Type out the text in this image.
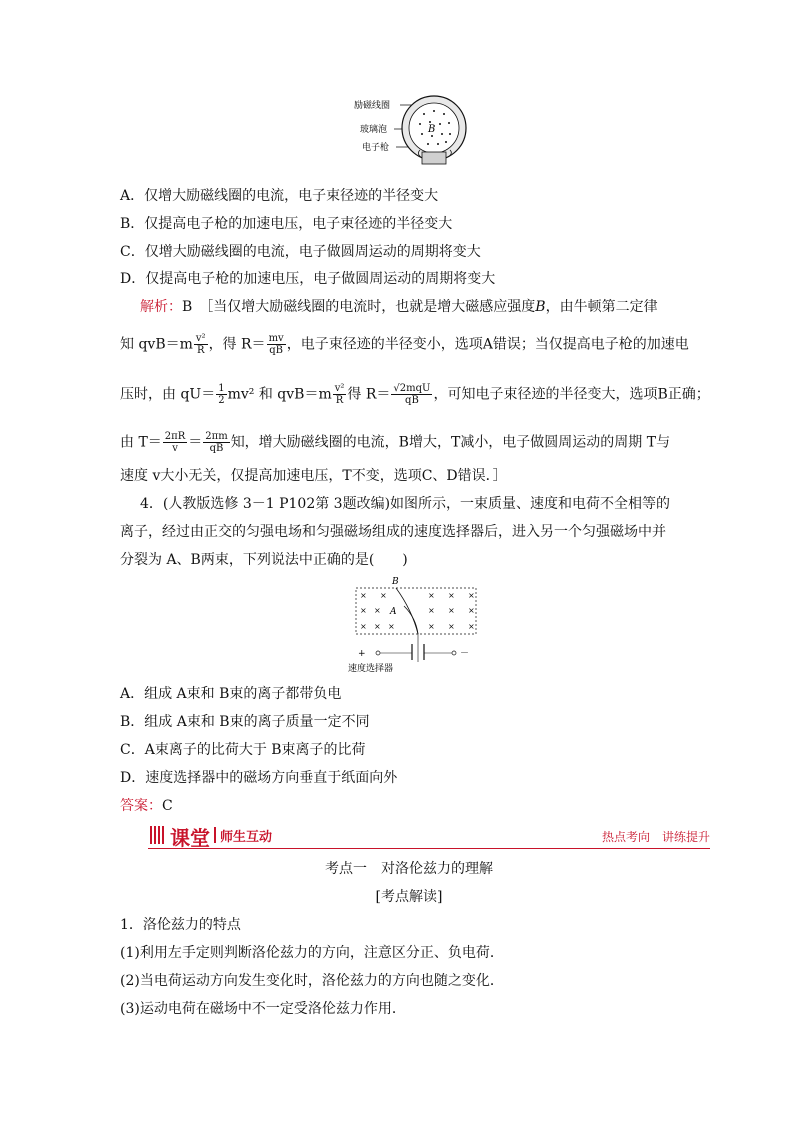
励磁线圈
玻璃泡
电子枪
B
A．仅增大励磁线圈的电流，电子束径迹的半径变大
B．仅提高电子枪的加速电压，电子束径迹的半径变大
C．仅增大励磁线圈的电流，电子做圆周运动的周期将变大
D．仅提高电子枪的加速电压，电子做圆周运动的周期将变大
解析：B　 ［当仅增大励磁线圈的电流时，也就是增大磁感应强度B，由牛顿第二定律
知 $qvB=m \frac{\text{v²}}{R}$ ，得 $R= \frac{mv}{qB}$ ，电子束径迹的半径变小，选项A错误；当仅提高电子枪的加速电
压时，由 $qU= \frac{1}{2} mv^2$ 和 $qvB=m \frac{\text{v²}}{R}$ 得 $R= \frac{\text{√2mqU}}{qB}$ ，可知电子束径迹的半径变大，选项B正确；
由 $T= \frac{2\pi R}{v} = \frac{2\pi m}{qB}$ 知，增大励磁线圈的电流，B增大，T减小，电子做圆周运动的周期 T与
速度 v大小无关，仅提高加速电压，T不变，选项C、D错误．］
4．(人教版选修 3－1 P102第 3题改编)如图所示，一束质量、速度和电荷不全相等的
离子，经过由正交的匀强电场和匀强磁场组成的速度选择器后，进入另一个匀强磁场中并
分裂为 A、B两束，下列说法中正确的是(　　)
B
× ×	× × ×
× ×	× × ×
× × ×	× × ×
A
+	－
速度选择器
A．组成 A束和 B束的离子都带负电
B．组成 A束和 B束的离子质量一定不同
C．A束离子的比荷大于 B束离子的比荷
D．速度选择器中的磁场方向垂直于纸面向外
答案：C
课堂 师生互动	热点考向　讲练提升
考点一　对洛伦兹力的理解
[考点解读]
1．洛伦兹力的特点
(1)利用左手定则判断洛伦兹力的方向，注意区分正、负电荷．
(2)当电荷运动方向发生变化时，洛伦兹力的方向也随之变化．
(3)运动电荷在磁场中不一定受洛伦兹力作用．
